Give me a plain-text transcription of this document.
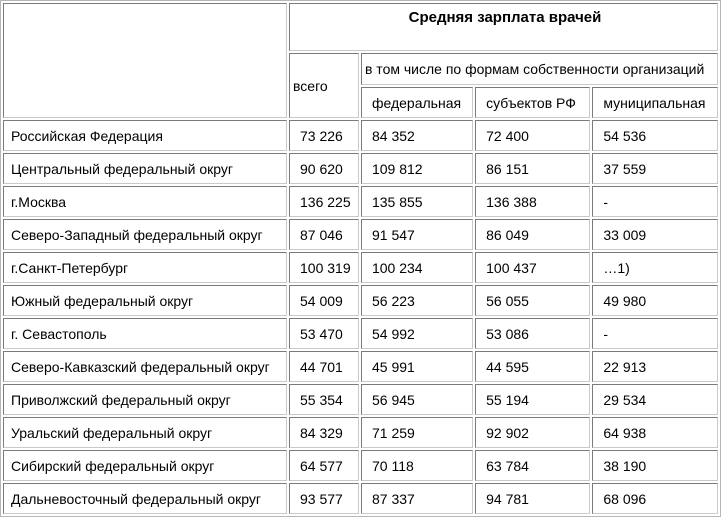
	Средняя зарплата врачей			
	всего	в том числе по формам собственности организаций		
		федеральная	субъектов РФ	муниципальная
Российская Федерация	73 226	84 352	72 400	54 536
Центральный федеральный округ	90 620	109 812	86 151	37 559
г.Москва	136 225	135 855	136 388	-
Северо-Западный федеральный округ	87 046	91 547	86 049	33 009
г.Санкт-Петербург	100 319	100 234	100 437	…1)
Южный федеральный округ	54 009	56 223	56 055	49 980
г. Севастополь	53 470	54 992	53 086	-
Северо-Кавказский федеральный округ	44 701	45 991	44 595	22 913
Приволжский федеральный округ	55 354	56 945	55 194	29 534
Уральский федеральный округ	84 329	71 259	92 902	64 938
Сибирский федеральный округ	64 577	70 118	63 784	38 190
Дальневосточный федеральный округ	93 577	87 337	94 781	68 096
